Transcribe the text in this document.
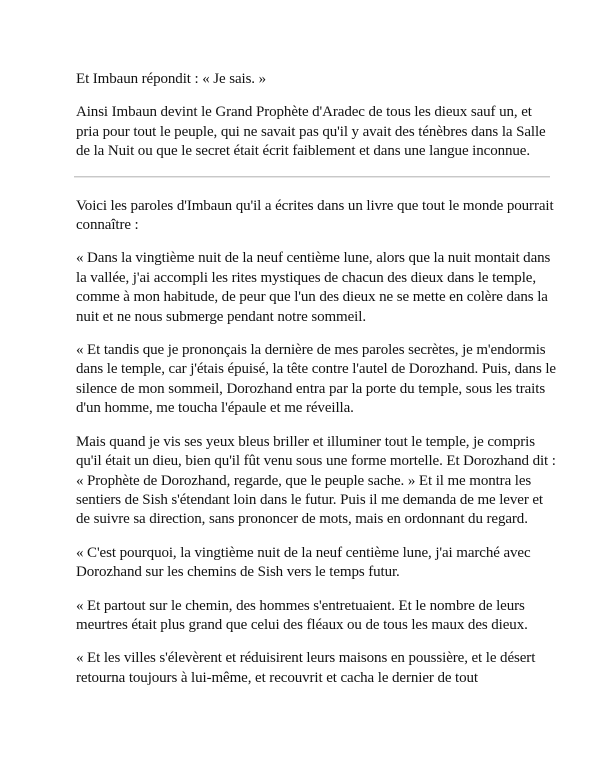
Et Imbaun répondit : « Je sais. »

Ainsi Imbaun devint le Grand Prophète d'Aradec de tous les dieux sauf un, et pria pour tout le peuple, qui ne savait pas qu'il y avait des ténèbres dans la Salle de la Nuit ou que le secret était écrit faiblement et dans une langue inconnue.

Voici les paroles d'Imbaun qu'il a écrites dans un livre que tout le monde pourrait connaître :

« Dans la vingtième nuit de la neuf centième lune, alors que la nuit montait dans la vallée, j'ai accompli les rites mystiques de chacun des dieux dans le temple, comme à mon habitude, de peur que l'un des dieux ne se mette en colère dans la nuit et ne nous submerge pendant notre sommeil.

« Et tandis que je prononçais la dernière de mes paroles secrètes, je m'endormis dans le temple, car j'étais épuisé, la tête contre l'autel de Dorozhand. Puis, dans le silence de mon sommeil, Dorozhand entra par la porte du temple, sous les traits d'un homme, me toucha l'épaule et me réveilla.

Mais quand je vis ses yeux bleus briller et illuminer tout le temple, je compris qu'il était un dieu, bien qu'il fût venu sous une forme mortelle. Et Dorozhand dit : « Prophète de Dorozhand, regarde, que le peuple sache. » Et il me montra les sentiers de Sish s'étendant loin dans le futur. Puis il me demanda de me lever et de suivre sa direction, sans prononcer de mots, mais en ordonnant du regard.

« C'est pourquoi, la vingtième nuit de la neuf centième lune, j'ai marché avec Dorozhand sur les chemins de Sish vers le temps futur.

« Et partout sur le chemin, des hommes s'entretuaient. Et le nombre de leurs meurtres était plus grand que celui des fléaux ou de tous les maux des dieux.

« Et les villes s'élevèrent et réduisirent leurs maisons en poussière, et le désert retourna toujours à lui-même, et recouvrit et cacha le dernier de tout
